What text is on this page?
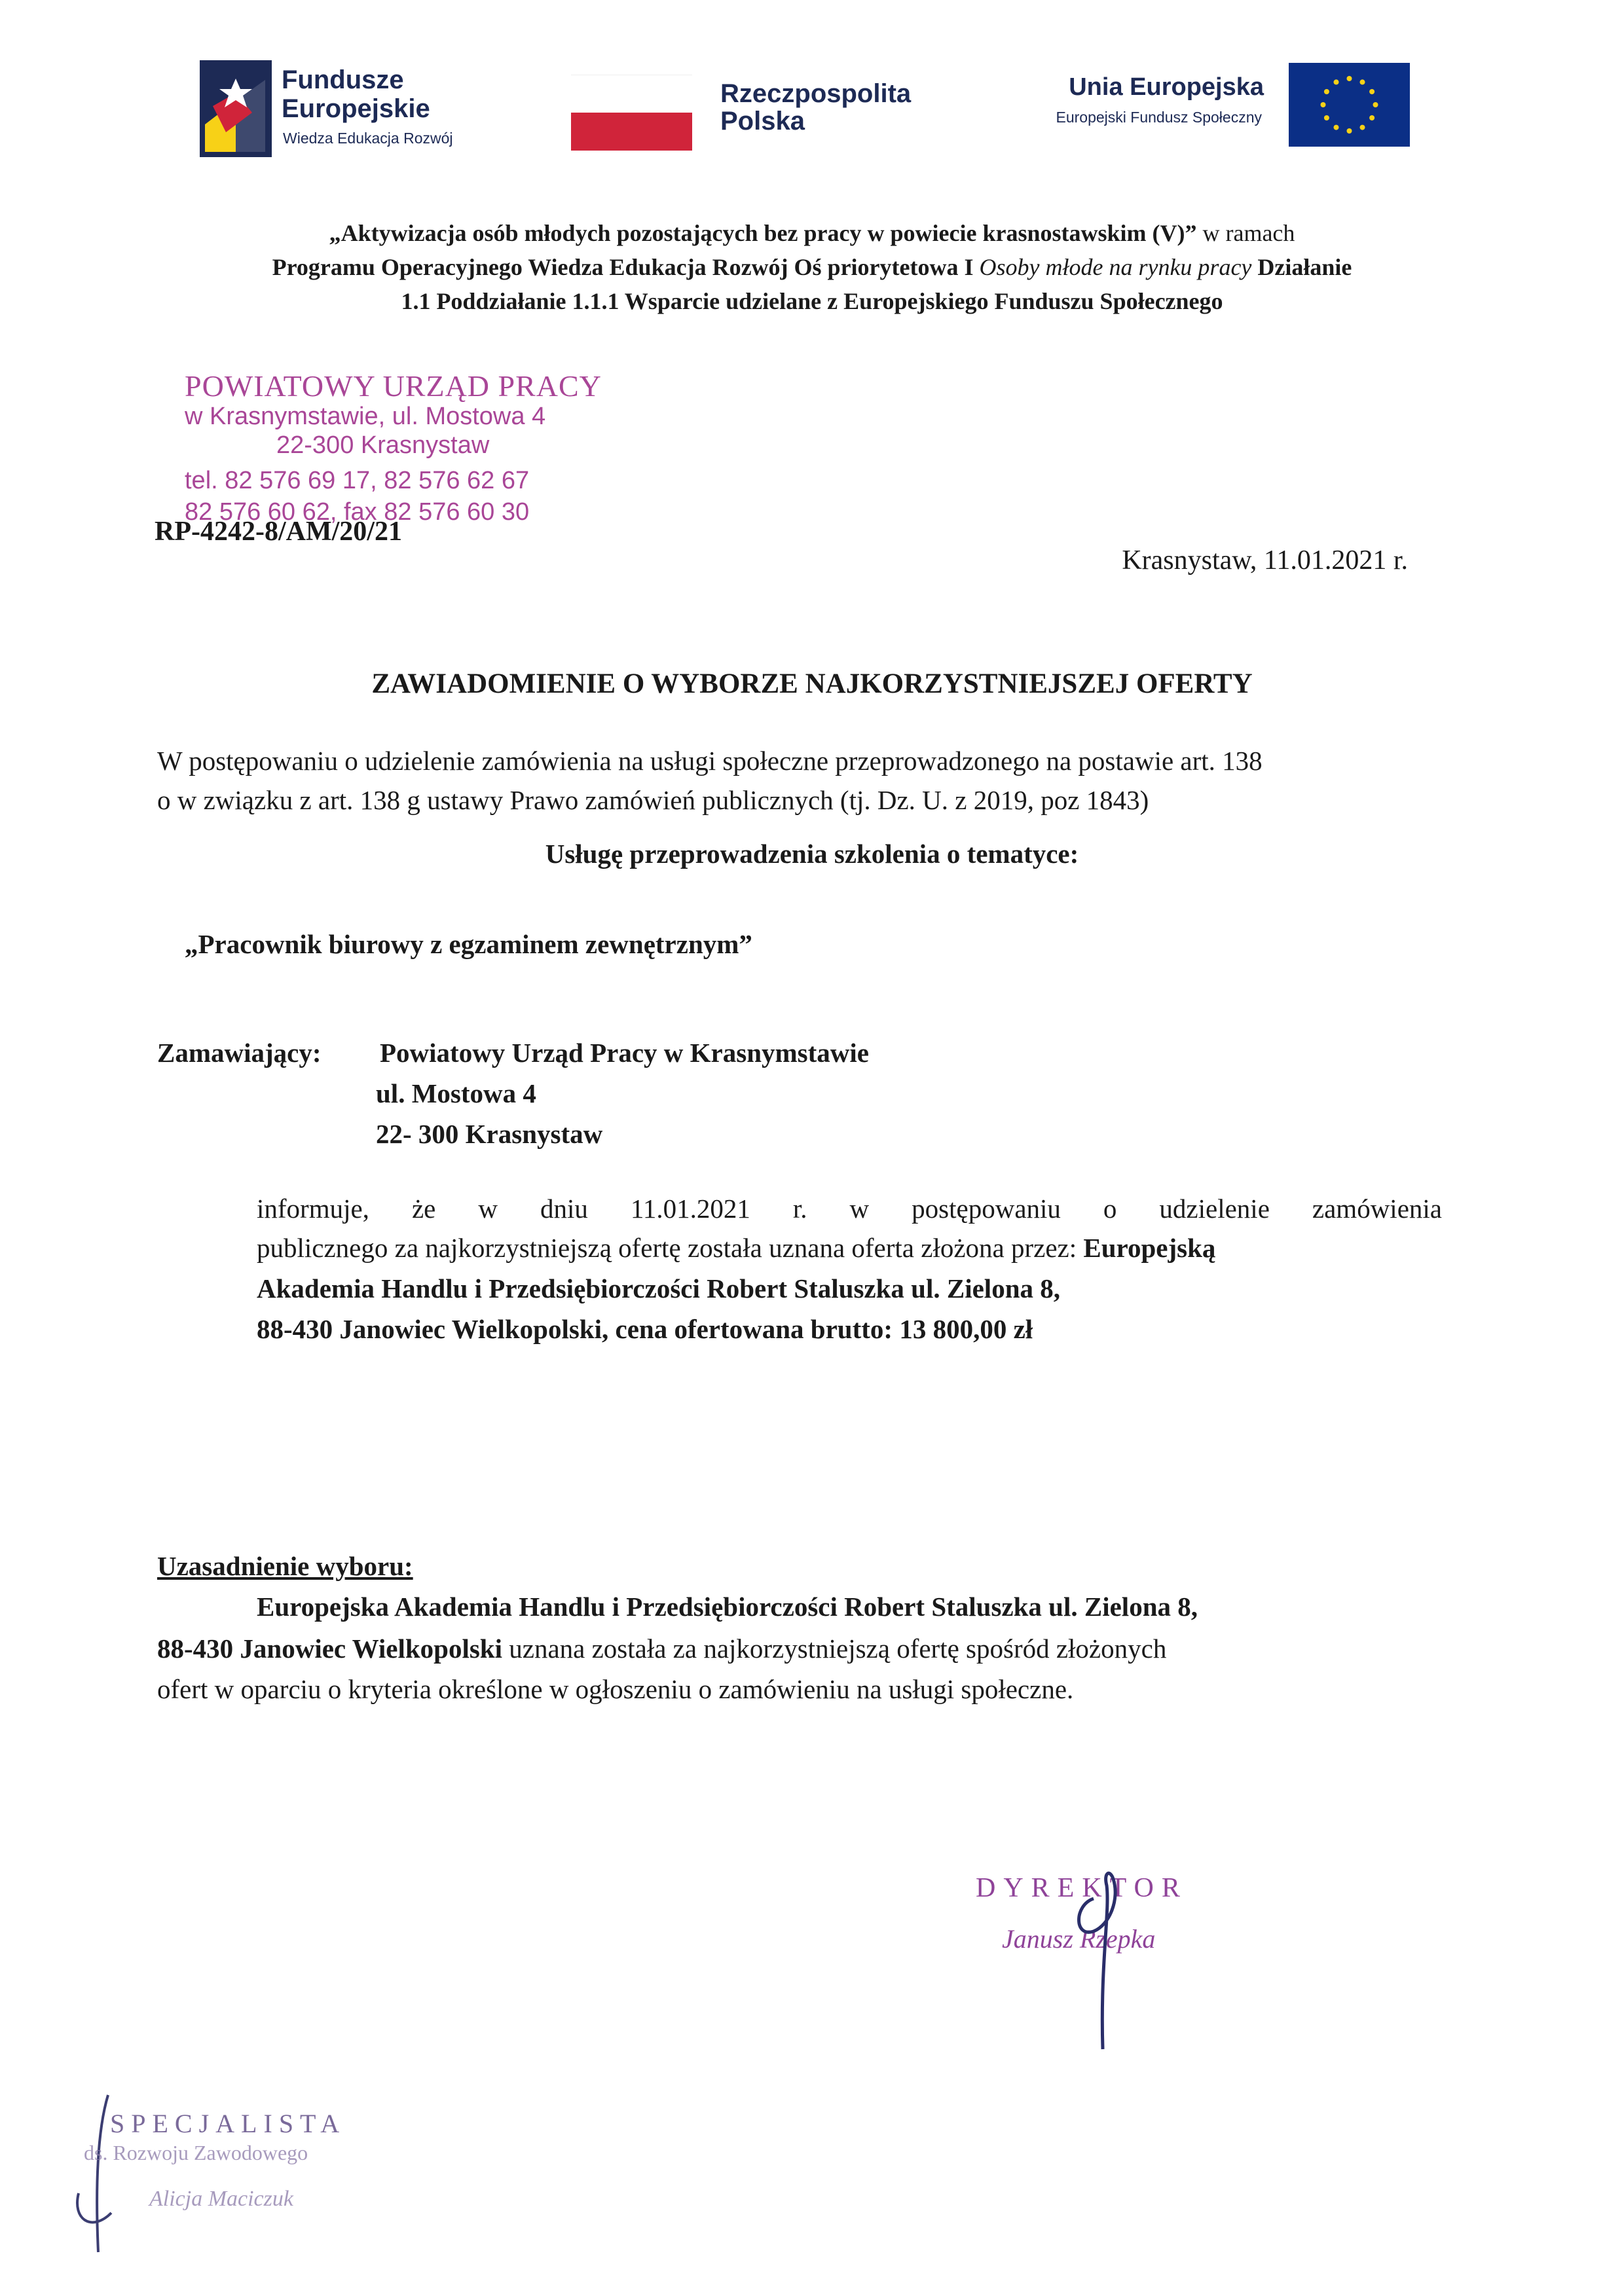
Fundusze
Europejskie
Wiedza Edukacja Rozwój
Rzeczpospolita
Polska
Unia Europejska
Europejski Fundusz Społeczny

„Aktywizacja osób młodych pozostających bez pracy w powiecie krasnostawskim (V)” w ramach

Programu Operacyjnego Wiedza Edukacja Rozwój Oś priorytetowa I Osoby młode na rynku pracy Działanie

1.1 Poddziałanie 1.1.1 Wsparcie udzielane z Europejskiego Funduszu Społecznego

POWIATOWY URZĄD PRACY
w Krasnymstawie, ul. Mostowa 4
22-300 Krasnystaw
tel. 82 576 69 17, 82 576 62 67
82 576 60 62, fax 82 576 60 30
RP-4242-8/AM/20/21
Krasnystaw, 11.01.2021 r.
ZAWIADOMIENIE O WYBORZE NAJKORZYSTNIEJSZEJ OFERTY
W postępowaniu o udzielenie zamówienia na usługi społeczne przeprowadzonego na postawie art. 138
o w związku z art. 138 g ustawy Prawo zamówień publicznych (tj. Dz. U. z 2019, poz 1843)
Usługę przeprowadzenia szkolenia o tematyce:
„Pracownik biurowy z egzaminem zewnętrznym”
Zamawiający: Powiatowy Urząd Pracy w Krasnymstawie
ul. Mostowa 4
22- 300 Krasnystaw
informuje, że w dniu 11.01.2021 r. w postępowaniu o udzielenie zamówienia
publicznego za najkorzystniejszą ofertę została uznana oferta złożona przez: Europejską
Akademia Handlu i Przedsiębiorczości Robert Staluszka ul. Zielona 8,
88-430 Janowiec Wielkopolski, cena ofertowana brutto: 13 800,00 zł
Uzasadnienie wyboru:
Europejska Akademia Handlu i Przedsiębiorczości Robert Staluszka ul. Zielona 8,
88-430 Janowiec Wielkopolski uznana została za najkorzystniejszą ofertę spośród złożonych
ofert w oparciu o kryteria określone w ogłoszeniu o zamówieniu na usługi społeczne.
DYREKTOR
Janusz Rzepka
SPECJALISTA
ds. Rozwoju Zawodowego
Alicja Maciczuk
